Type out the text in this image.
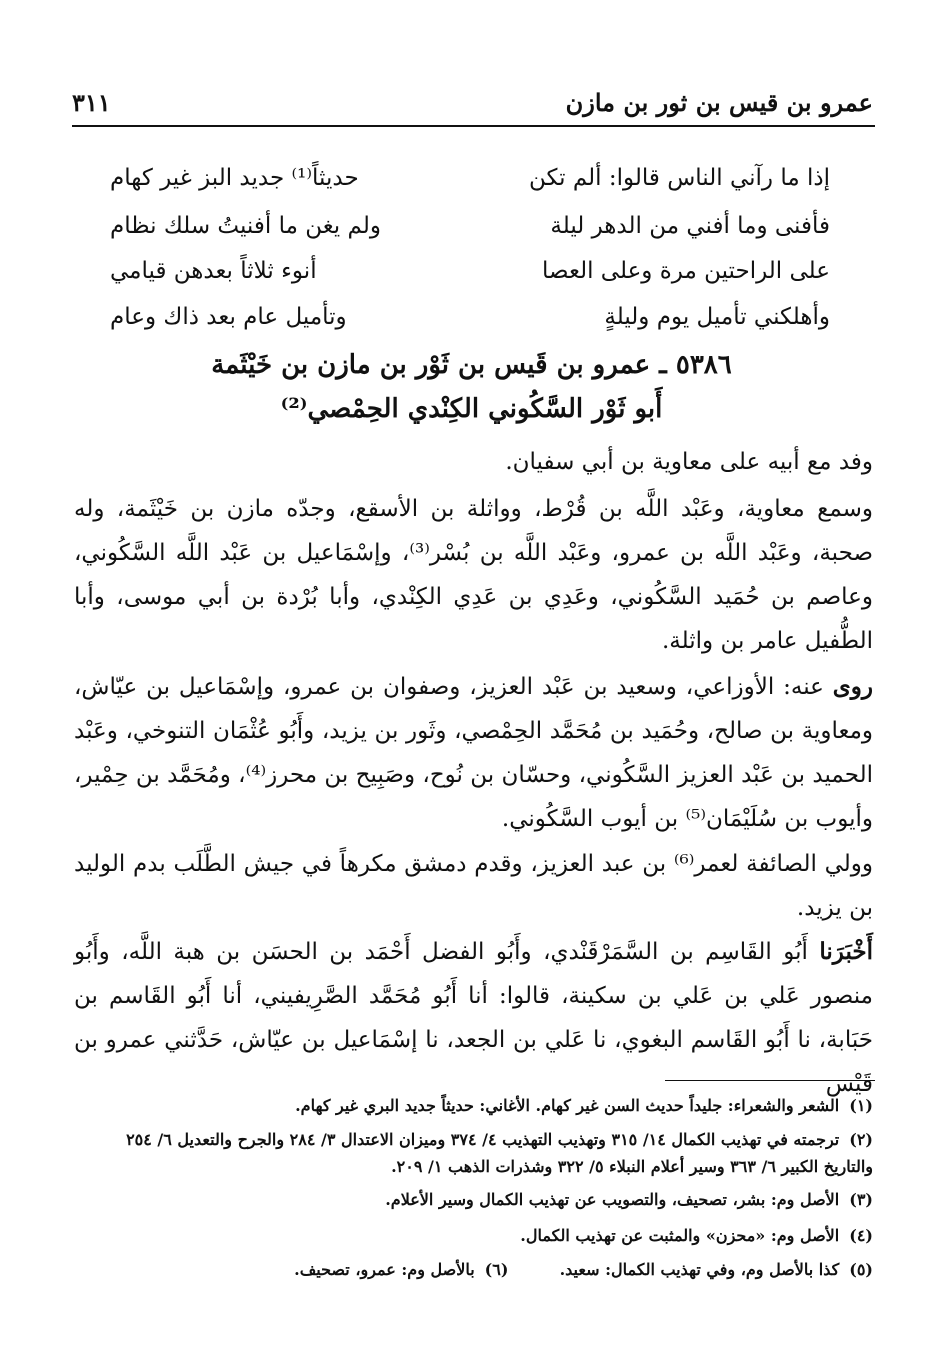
عمرو بن قيس بن ثور بن مازن
٣١١
إذا ما رآني الناس قالوا: ألم تكن
حديثاً⁽¹⁾ جديد البز غير كهام
فأفنى وما أفني من الدهر ليلة
ولم يغن ما أفنيتُ سلك نظام
على الراحتين مرة وعلى العصا
أنوء ثلاثاً بعدهن قيامي
وأهلكني تأميل يوم وليلةٍ
وتأميل عام بعد ذاك وعام
٥٣٨٦ ـ عمرو بن قَيس بن ثَوْر بن مازن بن خَيْثَمة
أَبو ثَوْر السَّكُوني الكِنْدي الحِمْصي⁽²⁾
وفد مع أبيه على معاوية بن أبي سفيان.
وسمع معاوية، وعَبْد اللَّه بن قُرْط، وواثلة بن الأسقع، وجدّه مازن بن خَيْثَمة، وله صحبة، وعَبْد اللَّه بن عمرو، وعَبْد اللَّه بن بُسْر⁽³⁾، وإسْمَاعيل بن عَبْد اللَّه السَّكُوني، وعاصم بن حُمَيد السَّكُوني، وعَدِي بن عَدِي الكِنْدي، وأبا بُرْدة بن أبي موسى، وأبا الطُّفيل عامر بن واثلة.
روى عنه: الأوزاعي، وسعيد بن عَبْد العزيز، وصفوان بن عمرو، وإسْمَاعيل بن عيّاش، ومعاوية بن صالح، وحُمَيد بن مُحَمَّد الحِمْصي، وثَور بن يزيد، وأَبُو عُثْمَان التنوخي، وعَبْد الحميد بن عَبْد العزيز السَّكُوني، وحسّان بن نُوح، وصَبِيح بن محرز⁽⁴⁾، ومُحَمَّد بن حِمْير، وأيوب بن سُلَيْمَان⁽⁵⁾ بن أيوب السَّكُوني.
وولي الصائفة لعمر⁽⁶⁾ بن عبد العزيز، وقدم دمشق مكرهاً في جيش الطَّلَب بدم الوليد بن يزيد.
أَخْبَرَنا أَبُو القَاسِم بن السَّمَرْقَنْدي، وأَبُو الفضل أَحْمَد بن الحسَن بن هبة اللَّه، وأَبُو منصور عَلي بن عَلي بن سكينة، قالوا: أنا أَبُو مُحَمَّد الصَّرِيفيني، أنا أَبُو القَاسم بن حَبَابة، نا أَبُو القَاسم البغوي، نا عَلي بن الجعد، نا إسْمَاعيل بن عيّاش، حَدَّثني عمرو بن قَيْس
(١)الشعر والشعراء: جليداً حديث السن غير كهام. الأغاني: حديثاً جديد البري غير كهام.
(٢)ترجمته في تهذيب الكمال ١٤/ ٣١٥ وتهذيب التهذيب ٤/ ٣٧٤ وميزان الاعتدال ٣/ ٢٨٤ والجرح والتعديل ٦/ ٢٥٤ والتاريخ الكبير ٦/ ٣٦٣ وسير أعلام النبلاء ٥/ ٣٢٢ وشذرات الذهب ١/ ٢٠٩.
(٣)الأصل وم: بشر، تصحيف، والتصويب عن تهذيب الكمال وسير الأعلام.
(٤)الأصل وم: «محزن» والمثبت عن تهذيب الكمال.
(٥)كذا بالأصل وم، وفي تهذيب الكمال: سعيد.  (٦)بالأصل وم: عمرو، تصحيف.
